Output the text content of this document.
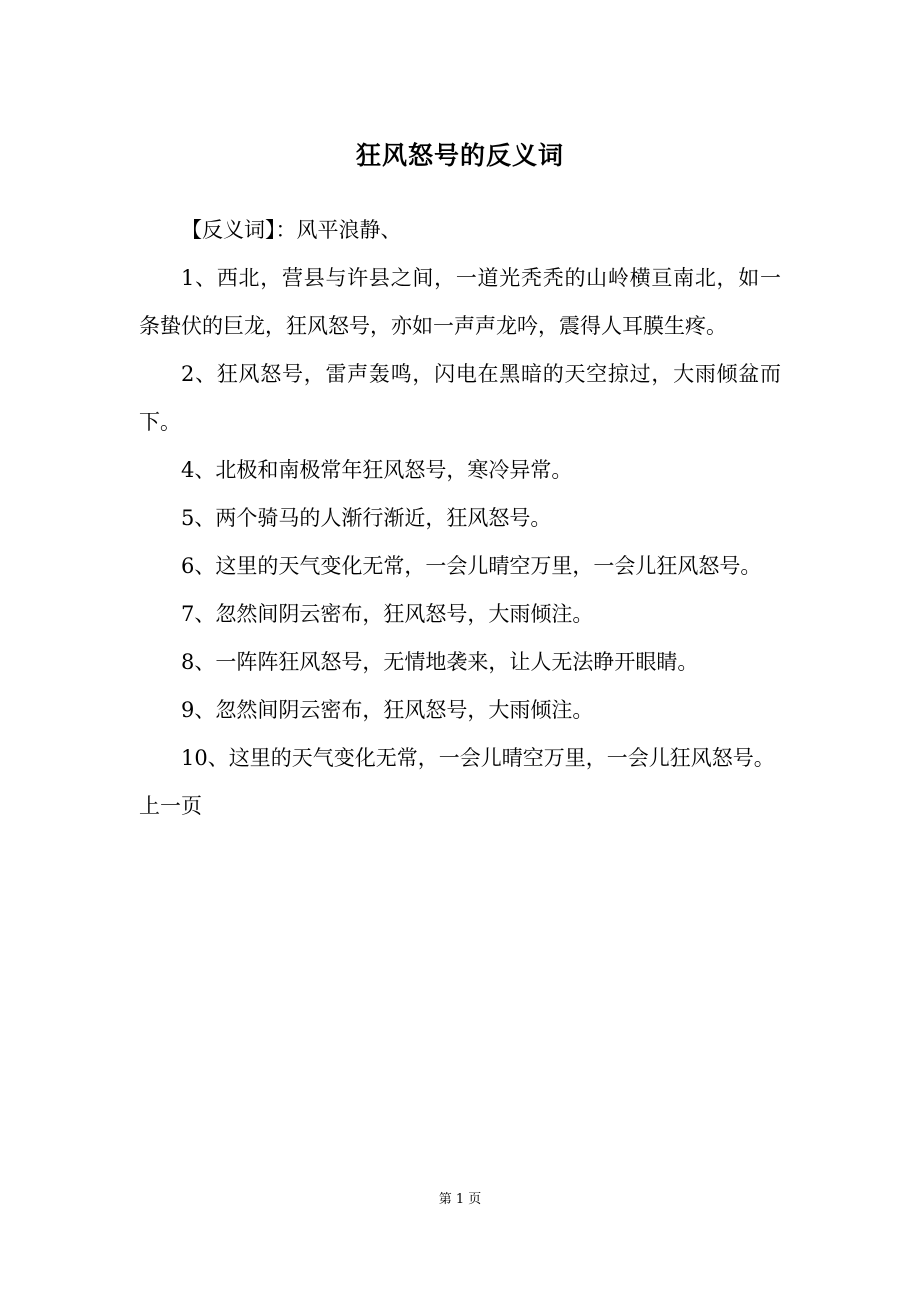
狂风怒号的反义词

【反义词】：风平浪静、

1、西北，营县与许县之间，一道光秃秃的山岭横亘南北，如一条蛰伏的巨龙，狂风怒号，亦如一声声龙吟，震得人耳膜生疼。

2、狂风怒号，雷声轰鸣，闪电在黑暗的天空掠过，大雨倾盆而下。

4、北极和南极常年狂风怒号，寒冷异常。

5、两个骑马的人渐行渐近，狂风怒号。

6、这里的天气变化无常，一会儿晴空万里，一会儿狂风怒号。

7、忽然间阴云密布，狂风怒号，大雨倾注。

8、一阵阵狂风怒号，无情地袭来，让人无法睁开眼睛。

9、忽然间阴云密布，狂风怒号，大雨倾注。

10、这里的天气变化无常，一会儿晴空万里，一会儿狂风怒号。

上一页

第 1 页
